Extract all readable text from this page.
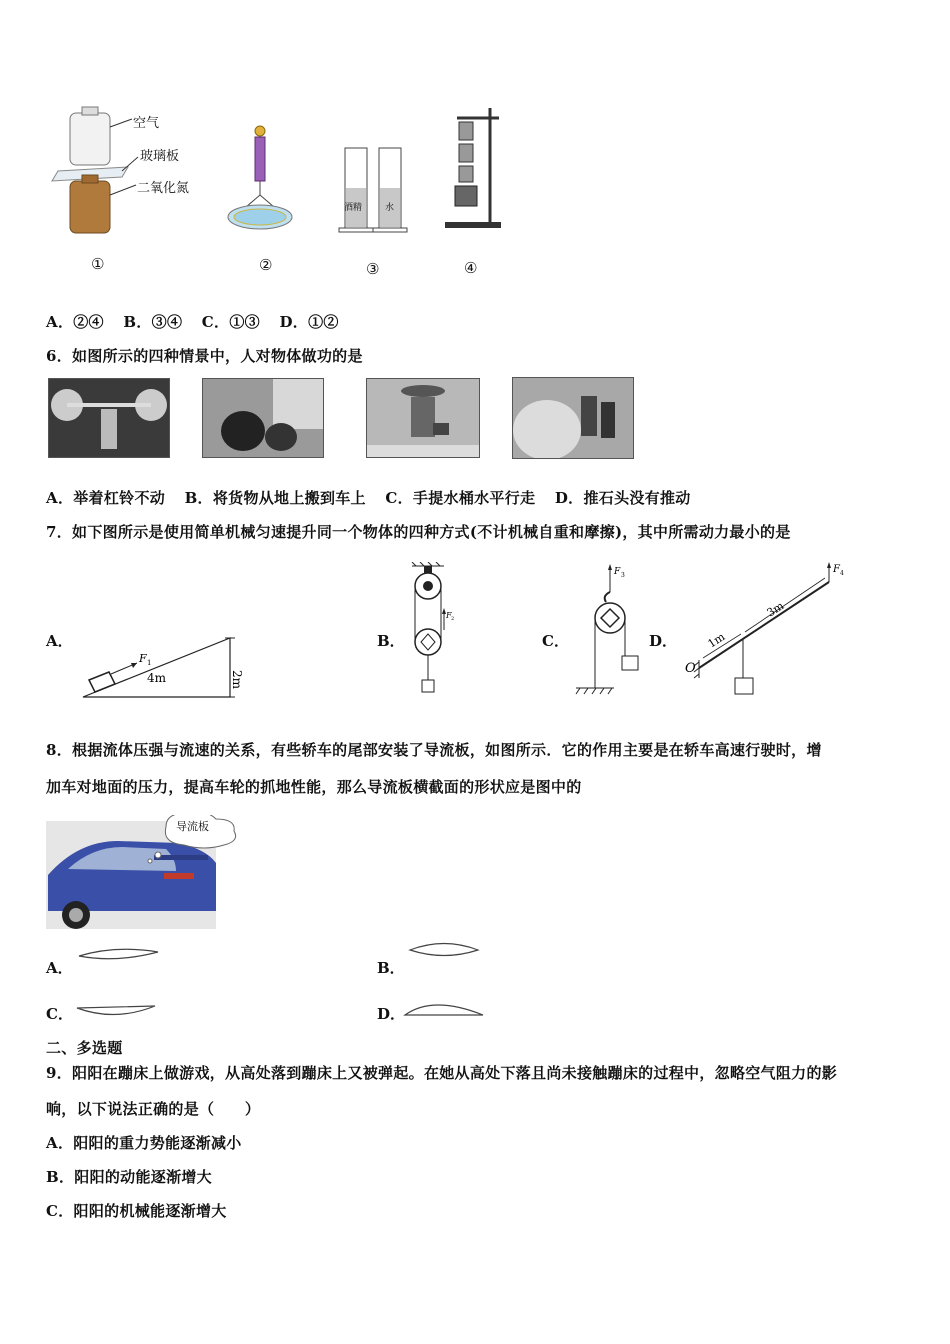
空气
玻璃板
二氧化氮
①	②
酒精	水
③	④
A．②④ B．③④ C．①③ D．①②
6．如图所示的四种情景中，人对物体做功的是
A．举着杠铃不动 B．将货物从地上搬到车上 C．手提水桶水平行走 D．推石头没有推动
7．如下图所示是使用简单机械匀速提升同一个物体的四种方式(不计机械自重和摩擦)，其中所需动力最小的是
A．
F 1
4m	2m
B．
F 2
C．
F 3
D．
O
F 4
1m
3m
8．根据流体压强与流速的关系，有些轿车的尾部安装了导流板，如图所示．它的作用主要是在轿车高速行驶时，增
加车对地面的压力，提高车轮的抓地性能，那么导流板横截面的形状应是图中的
导流板
A．	B．
C．	D．
二、多选题
9．阳阳在蹦床上做游戏，从高处落到蹦床上又被弹起。在她从高处下落且尚未接触蹦床的过程中，忽略空气阻力的影
响，以下说法正确的是（　　）
A．阳阳的重力势能逐渐减小
B．阳阳的动能逐渐增大
C．阳阳的机械能逐渐增大
